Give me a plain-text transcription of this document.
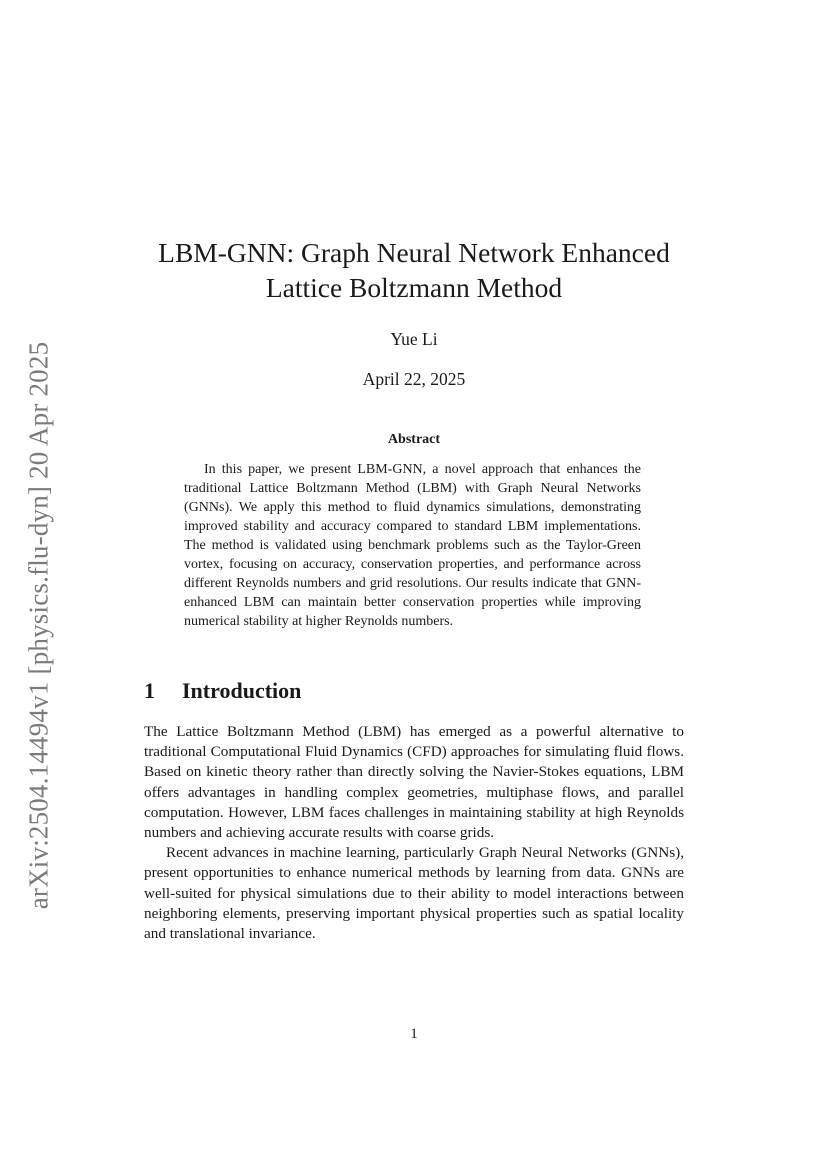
arXiv:2504.14494v1 [physics.flu-dyn] 20 Apr 2025
LBM-GNN: Graph Neural Network Enhanced
Lattice Boltzmann Method
Yue Li
April 22, 2025
Abstract

In this paper, we present LBM-GNN, a novel approach that enhances the traditional Lattice Boltzmann Method (LBM) with Graph Neural Networks (GNNs). We apply this method to fluid dynamics simulations, demonstrating improved stability and accuracy compared to standard LBM implementations. The method is validated using benchmark problems such as the Taylor-Green vortex, focusing on accuracy, conservation properties, and performance across different Reynolds numbers and grid resolutions. Our results indicate that GNN-enhanced LBM can maintain better conservation properties while improving numerical stability at higher Reynolds numbers.

1 Introduction

The Lattice Boltzmann Method (LBM) has emerged as a powerful alternative to traditional Computational Fluid Dynamics (CFD) approaches for simulating fluid flows. Based on kinetic theory rather than directly solving the Navier-Stokes equations, LBM offers advantages in handling complex geometries, multiphase flows, and parallel computation. However, LBM faces challenges in maintaining stability at high Reynolds numbers and achieving accurate results with coarse grids.

Recent advances in machine learning, particularly Graph Neural Networks (GNNs), present opportunities to enhance numerical methods by learning from data. GNNs are well-suited for physical simulations due to their ability to model interactions between neighboring elements, preserving important physical properties such as spatial locality and translational invariance.

1
